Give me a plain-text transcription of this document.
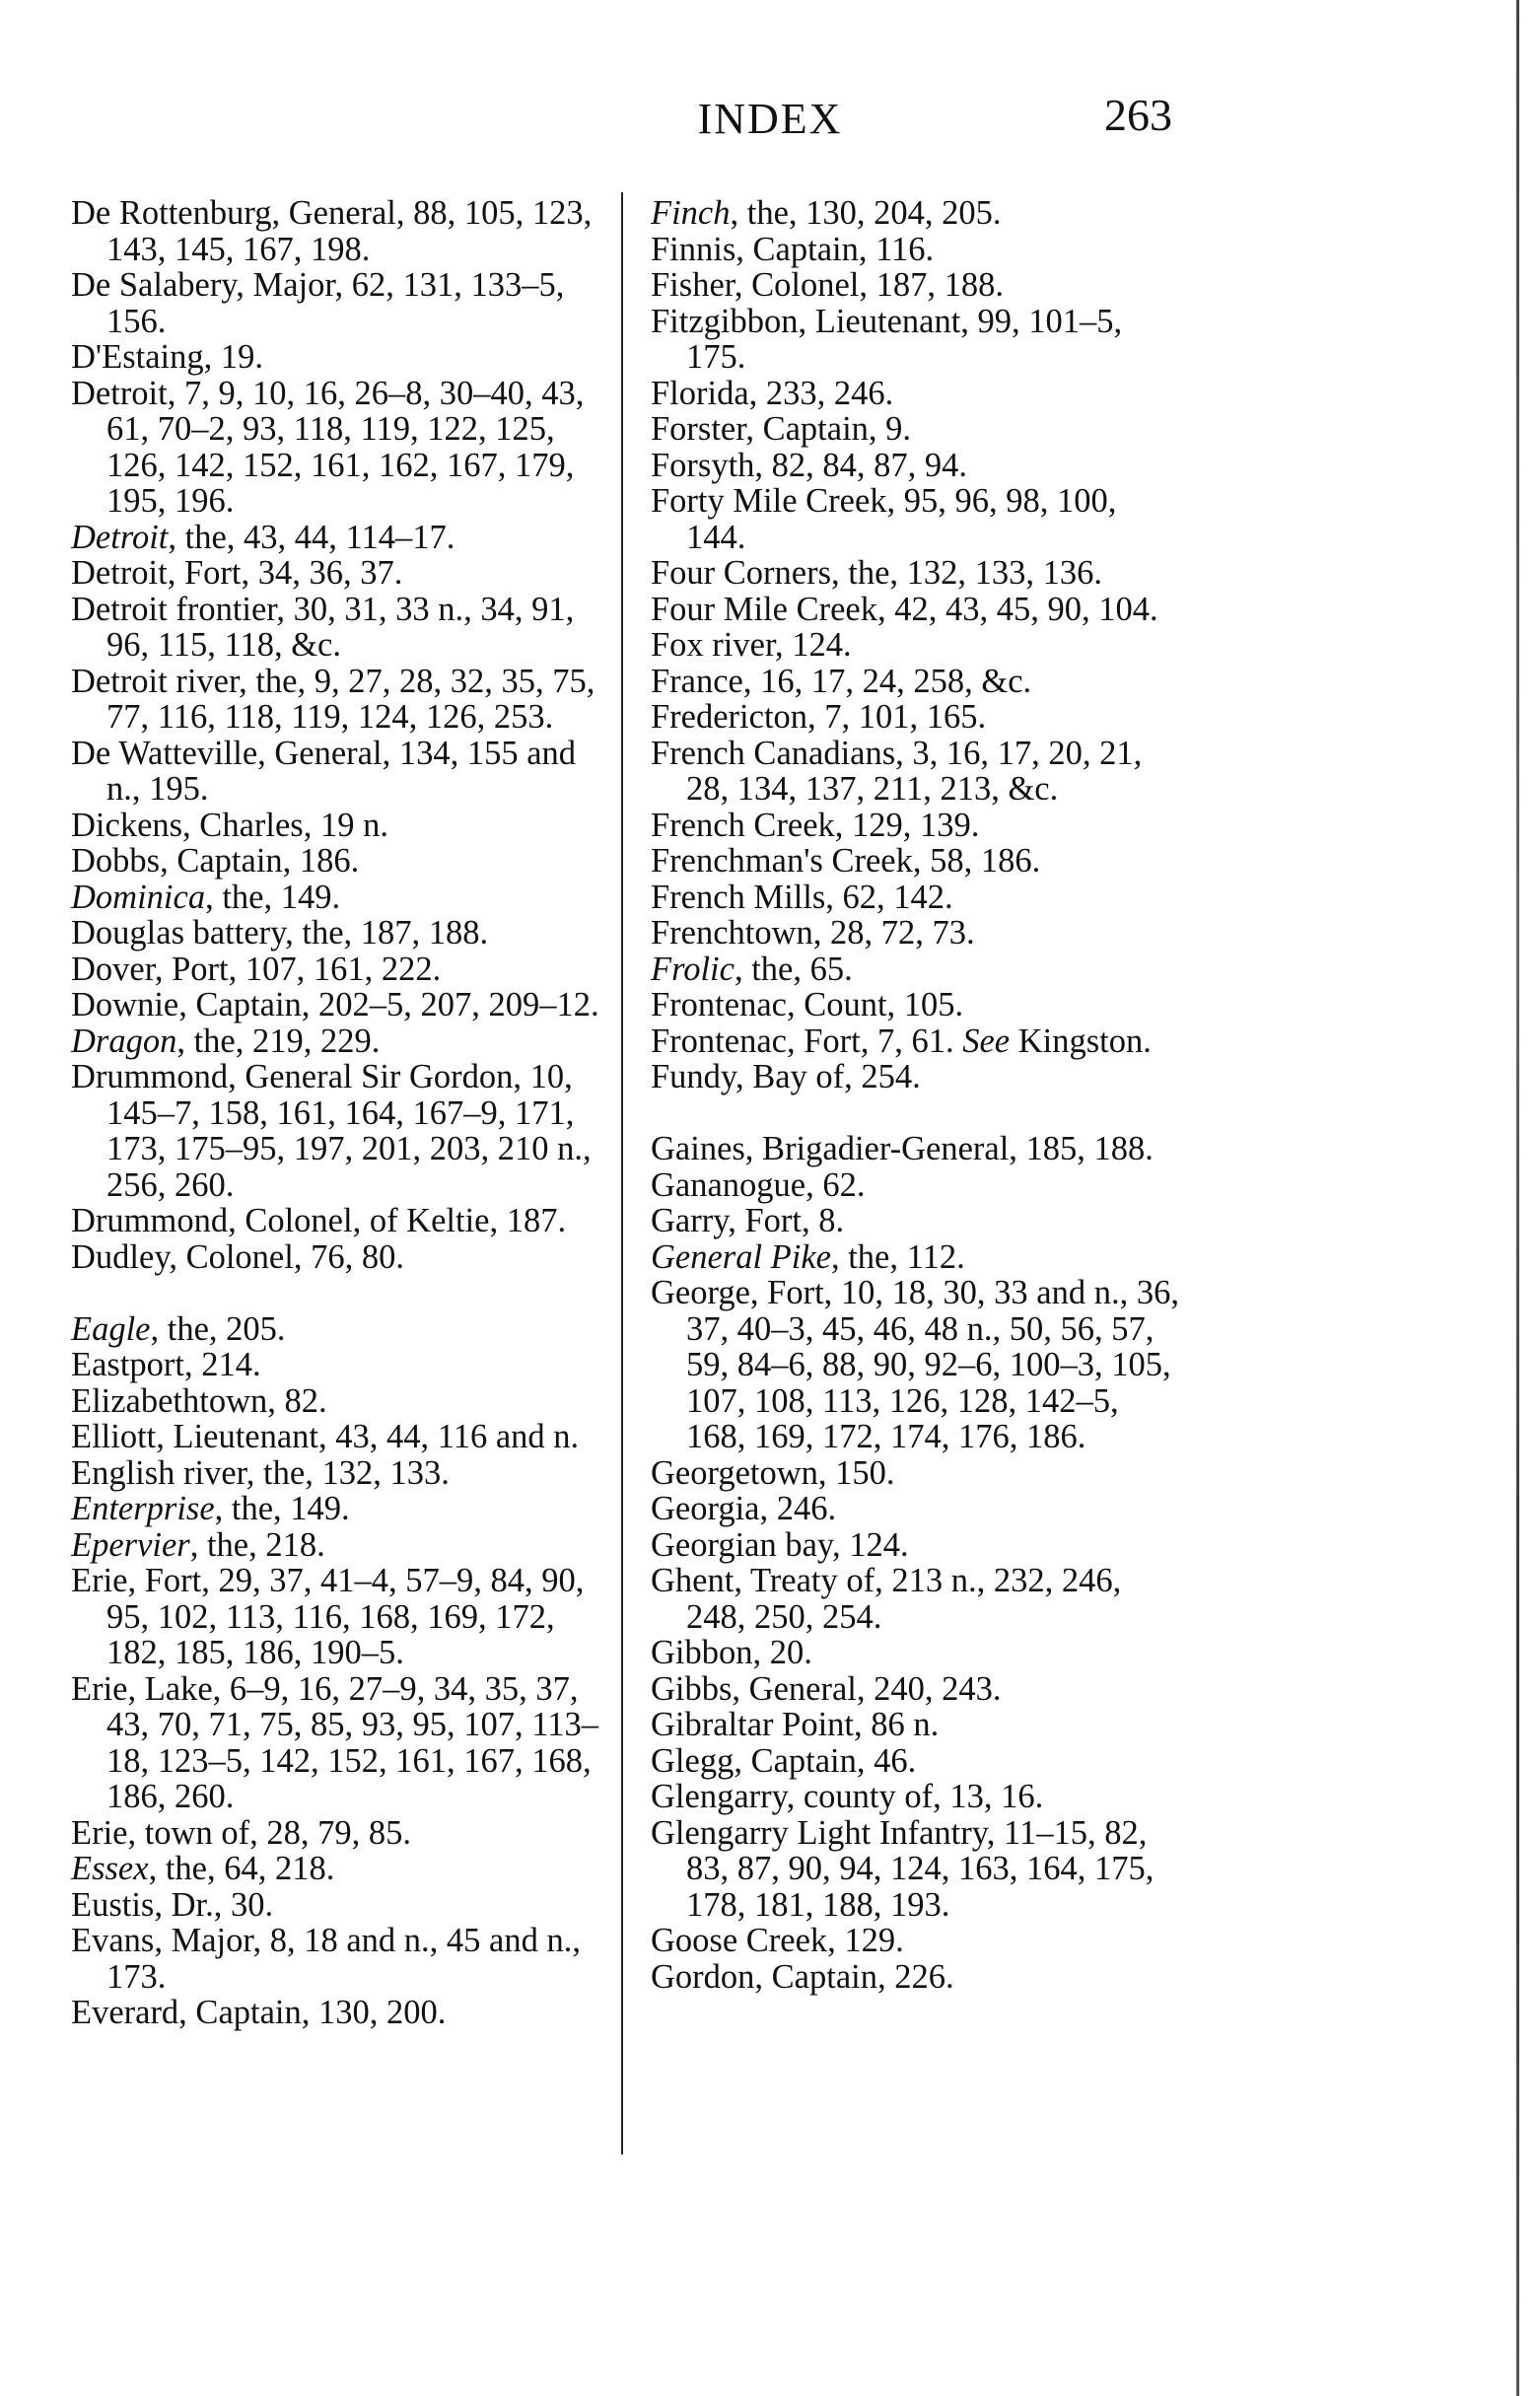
INDEX	263
De Rottenburg, General, 88, 105, 123, 143, 145, 167, 198.
De Salabery, Major, 62, 131, 133–5, 156.
D'Estaing, 19.
Detroit, 7, 9, 10, 16, 26–8, 30–40, 43, 61, 70–2, 93, 118, 119, 122, 125, 126, 142, 152, 161, 162, 167, 179, 195, 196.
Detroit, the, 43, 44, 114–17.
Detroit, Fort, 34, 36, 37.
Detroit frontier, 30, 31, 33 n., 34, 91, 96, 115, 118, &c.
Detroit river, the, 9, 27, 28, 32, 35, 75, 77, 116, 118, 119, 124, 126, 253.
De Watteville, General, 134, 155 and n., 195.
Dickens, Charles, 19 n.
Dobbs, Captain, 186.
Dominica, the, 149.
Douglas battery, the, 187, 188.
Dover, Port, 107, 161, 222.
Downie, Captain, 202–5, 207, 209–12.
Dragon, the, 219, 229.
Drummond, General Sir Gordon, 10, 145–7, 158, 161, 164, 167–9, 171, 173, 175–95, 197, 201, 203, 210 n., 256, 260.
Drummond, Colonel, of Keltie, 187.
Dudley, Colonel, 76, 80.
Eagle, the, 205.
Eastport, 214.
Elizabethtown, 82.
Elliott, Lieutenant, 43, 44, 116 and n.
English river, the, 132, 133.
Enterprise, the, 149.
Epervier, the, 218.
Erie, Fort, 29, 37, 41–4, 57–9, 84, 90, 95, 102, 113, 116, 168, 169, 172, 182, 185, 186, 190–5.
Erie, Lake, 6–9, 16, 27–9, 34, 35, 37, 43, 70, 71, 75, 85, 93, 95, 107, 113–18, 123–5, 142, 152, 161, 167, 168, 186, 260.
Erie, town of, 28, 79, 85.
Essex, the, 64, 218.
Eustis, Dr., 30.
Evans, Major, 8, 18 and n., 45 and n., 173.
Everard, Captain, 130, 200.
Finch, the, 130, 204, 205.
Finnis, Captain, 116.
Fisher, Colonel, 187, 188.
Fitzgibbon, Lieutenant, 99, 101–5, 175.
Florida, 233, 246.
Forster, Captain, 9.
Forsyth, 82, 84, 87, 94.
Forty Mile Creek, 95, 96, 98, 100, 144.
Four Corners, the, 132, 133, 136.
Four Mile Creek, 42, 43, 45, 90, 104.
Fox river, 124.
France, 16, 17, 24, 258, &c.
Fredericton, 7, 101, 165.
French Canadians, 3, 16, 17, 20, 21, 28, 134, 137, 211, 213, &c.
French Creek, 129, 139.
Frenchman's Creek, 58, 186.
French Mills, 62, 142.
Frenchtown, 28, 72, 73.
Frolic, the, 65.
Frontenac, Count, 105.
Frontenac, Fort, 7, 61. See Kingston.
Fundy, Bay of, 254.
Gaines, Brigadier-General, 185, 188.
Gananogue, 62.
Garry, Fort, 8.
General Pike, the, 112.
George, Fort, 10, 18, 30, 33 and n., 36, 37, 40–3, 45, 46, 48 n., 50, 56, 57, 59, 84–6, 88, 90, 92–6, 100–3, 105, 107, 108, 113, 126, 128, 142–5, 168, 169, 172, 174, 176, 186.
Georgetown, 150.
Georgia, 246.
Georgian bay, 124.
Ghent, Treaty of, 213 n., 232, 246, 248, 250, 254.
Gibbon, 20.
Gibbs, General, 240, 243.
Gibraltar Point, 86 n.
Glegg, Captain, 46.
Glengarry, county of, 13, 16.
Glengarry Light Infantry, 11–15, 82, 83, 87, 90, 94, 124, 163, 164, 175, 178, 181, 188, 193.
Goose Creek, 129.
Gordon, Captain, 226.
